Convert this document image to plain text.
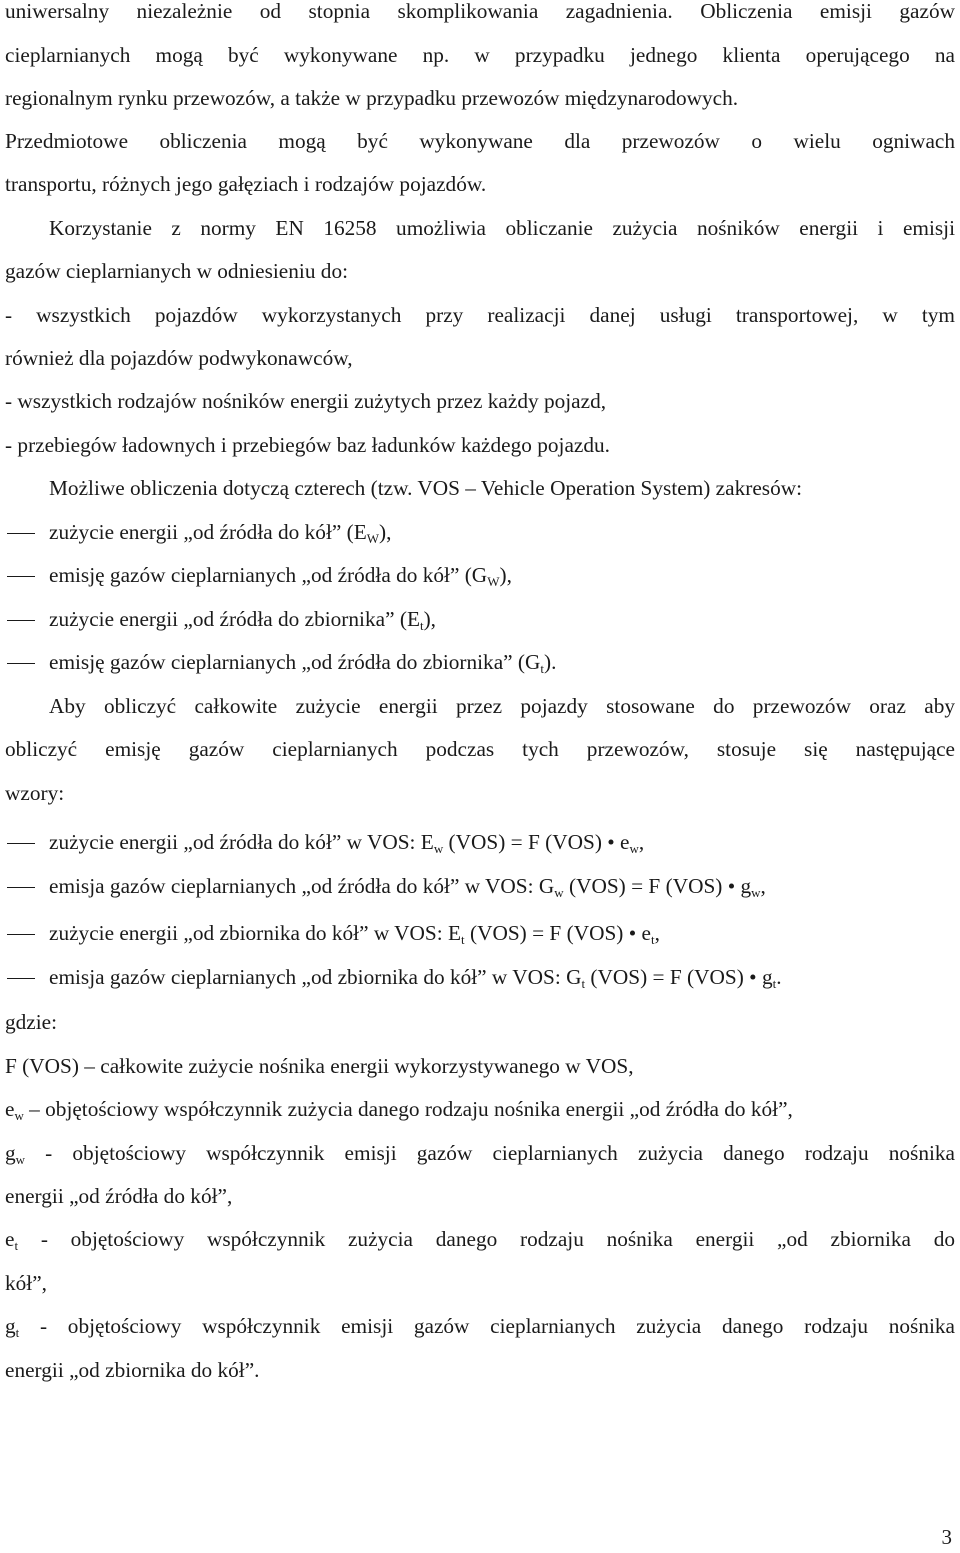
uniwersalny niezależnie od stopnia skomplikowania zagadnienia. Obliczenia emisji gazów
cieplarnianych mogą być wykonywane np. w przypadku jednego klienta operującego na
regionalnym rynku przewozów, a także w przypadku przewozów międzynarodowych.
Przedmiotowe obliczenia mogą być wykonywane dla przewozów o wielu ogniwach
transportu, różnych jego gałęziach i rodzajów pojazdów.
Korzystanie z normy EN 16258 umożliwia obliczanie zużycia nośników energii i emisji
gazów cieplarnianych w odniesieniu do:
- wszystkich pojazdów wykorzystanych przy realizacji danej usługi transportowej, w tym
również dla pojazdów podwykonawców,
- wszystkich rodzajów nośników energii zużytych przez każdy pojazd,
- przebiegów ładownych i przebiegów baz ładunków każdego pojazdu.
Możliwe obliczenia dotyczą czterech (tzw. VOS – Vehicle Operation System) zakresów:
zużycie energii „od źródła do kół” $(E_W)$,
emisję gazów cieplarnianych „od źródła do kół” $(G_W)$,
zużycie energii „od źródła do zbiornika” $(E_t)$,
emisję gazów cieplarnianych „od źródła do zbiornika” $(G_t)$.
Aby obliczyć całkowite zużycie energii przez pojazdy stosowane do przewozów oraz aby
obliczyć emisję gazów cieplarnianych podczas tych przewozów, stosuje się następujące
wzory:
zużycie energii „od źródła do kół” w VOS: $E_w$ (VOS) = F (VOS) • $e_w$,
emisja gazów cieplarnianych „od źródła do kół” w VOS: $G_w$ (VOS) = F (VOS) • $g_w$,
zużycie energii „od zbiornika do kół” w VOS: $E_t$ (VOS) = F (VOS) • $e_t$,
emisja gazów cieplarnianych „od zbiornika do kół” w VOS: $G_t$ (VOS) = F (VOS) • $g_t$.
gdzie:
F (VOS) – całkowite zużycie nośnika energii wykorzystywanego w VOS,
$e_w$ – objętościowy współczynnik zużycia danego rodzaju nośnika energii „od źródła do kół”,
$g_w$ - objętościowy współczynnik emisji gazów cieplarnianych zużycia danego rodzaju nośnika
energii „od źródła do kół”,
$e_t$ - objętościowy współczynnik zużycia danego rodzaju nośnika energii „od zbiornika do
kół”,
$g_t$ - objętościowy współczynnik emisji gazów cieplarnianych zużycia danego rodzaju nośnika
energii „od zbiornika do kół”.
3
